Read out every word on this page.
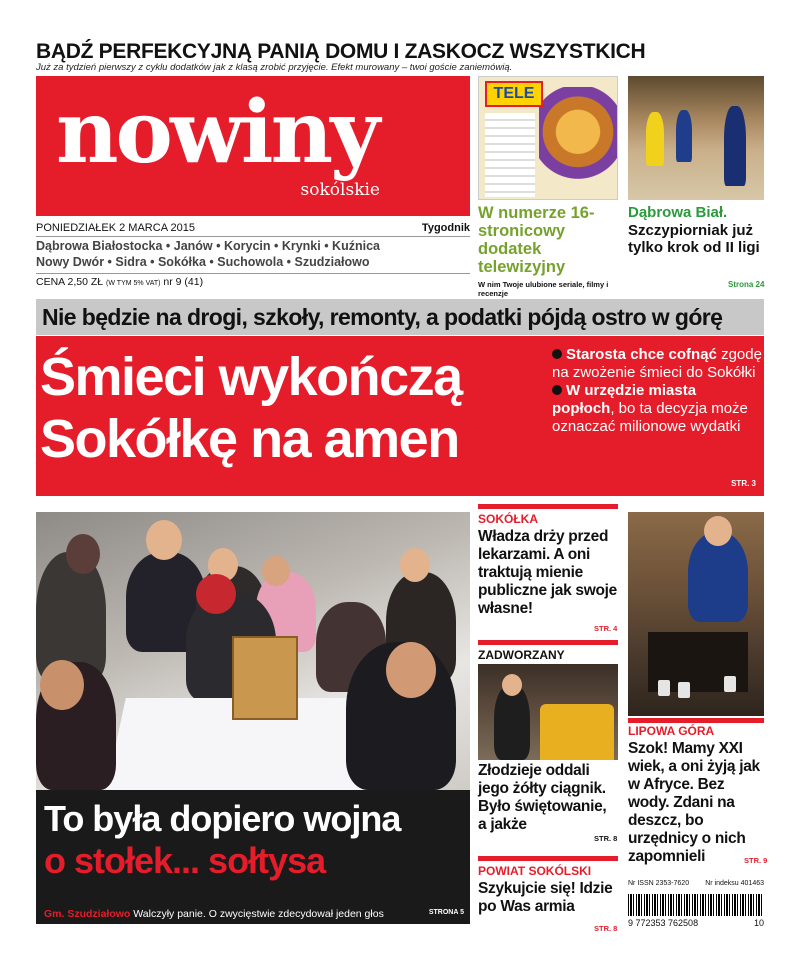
BĄDŹ PERFEKCYJNĄ PANIĄ DOMU I ZASKOCZ WSZYSTKICH
Już za tydzień pierwszy z cyklu dodatków jak z klasą zrobić przyjęcie. Efekt murowany – twoi goście zaniemówią.
nowiny
sokólskie
PONIEDZIAŁEK 2 MARCA 2015	Tygodnik
Dąbrowa Białostocka • Janów • Korycin • Krynki • Kuźnica
Nowy Dwór • Sidra • Sokółka • Suchowola • Szudziałowo
CENA 2,50 ZŁ (W TYM 5% VAT) nr 9 (41)
TELE
W numerze 16-stronicowy dodatek telewizyjny
W nim Twoje ulubione seriale, filmy i recenzje
Dąbrowa Biał.
Szczypiorniak już tylko krok od II ligi
Strona 24
Nie będzie na drogi, szkoły, remonty, a podatki pójdą ostro w górę
Śmieci wykończą
Sokółkę na amen
Starosta chce cofnąć zgodę na zwożenie śmieci do Sokółki
W urzędzie miasta popłoch, bo ta decyzja może oznaczać milionowe wydatki
STR. 3
To była dopiero wojna
o stołek... sołtysa
Gm. Szudziałowo Walczyły panie. O zwycięstwie zdecydował jeden głos	STRONA 5
SOKÓŁKA
Władza drży przed lekarzami. A oni traktują mienie publiczne jak swoje własne!
STR. 4
ZADWORZANY
Złodzieje oddali jego żółty ciągnik. Było świętowanie, a jakże
STR. 8
POWIAT SOKÓLSKI
Szykujcie się! Idzie po Was armia
STR. 8
LIPOWA GÓRA
Szok! Mamy XXI wiek, a oni żyją jak w Afryce. Bez wody. Zdani na deszcz, bo urzędnicy o nich zapomnieli	STR. 9
Nr ISSN 2353-7620 Nr indeksu 401463
9 772353 762508	10
